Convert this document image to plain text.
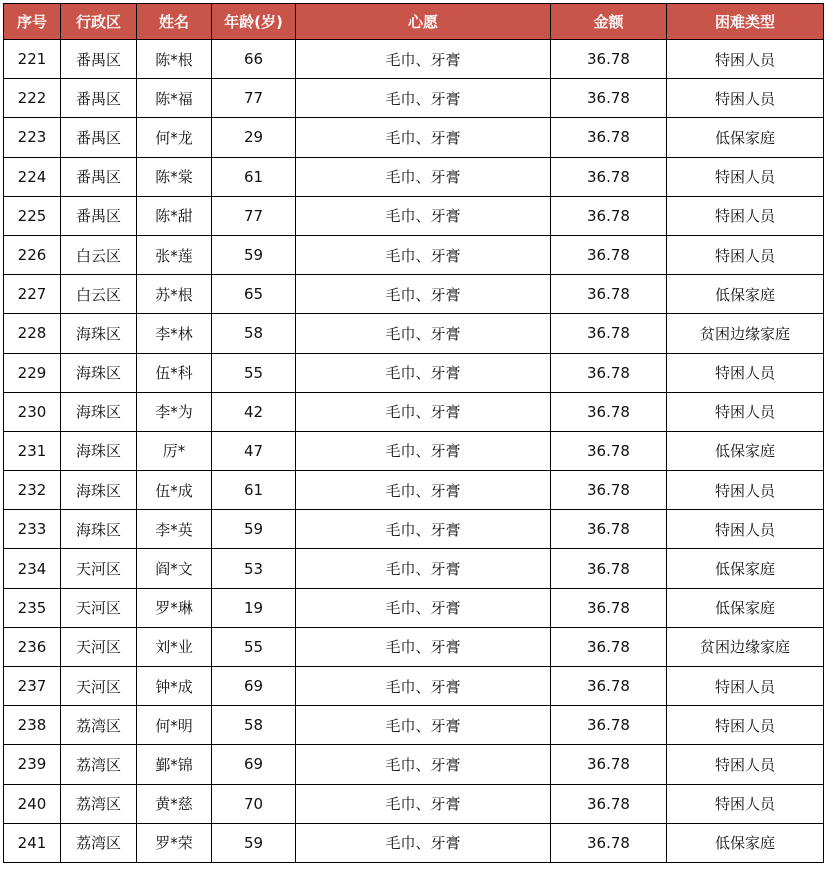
序号	行政区	姓名	年龄(岁)	心愿	金额	困难类型
221	番禺区	陈*根	66	毛巾、牙膏	36.78	特困人员
222	番禺区	陈*福	77	毛巾、牙膏	36.78	特困人员
223	番禺区	何*龙	29	毛巾、牙膏	36.78	低保家庭
224	番禺区	陈*棠	61	毛巾、牙膏	36.78	特困人员
225	番禺区	陈*甜	77	毛巾、牙膏	36.78	特困人员
226	白云区	张*莲	59	毛巾、牙膏	36.78	特困人员
227	白云区	苏*根	65	毛巾、牙膏	36.78	低保家庭
228	海珠区	李*林	58	毛巾、牙膏	36.78	贫困边缘家庭
229	海珠区	伍*科	55	毛巾、牙膏	36.78	特困人员
230	海珠区	李*为	42	毛巾、牙膏	36.78	特困人员
231	海珠区	厉*	47	毛巾、牙膏	36.78	低保家庭
232	海珠区	伍*成	61	毛巾、牙膏	36.78	特困人员
233	海珠区	李*英	59	毛巾、牙膏	36.78	特困人员
234	天河区	阎*文	53	毛巾、牙膏	36.78	低保家庭
235	天河区	罗*琳	19	毛巾、牙膏	36.78	低保家庭
236	天河区	刘*业	55	毛巾、牙膏	36.78	贫困边缘家庭
237	天河区	钟*成	69	毛巾、牙膏	36.78	特困人员
238	荔湾区	何*明	58	毛巾、牙膏	36.78	特困人员
239	荔湾区	鄞*锦	69	毛巾、牙膏	36.78	特困人员
240	荔湾区	黄*慈	70	毛巾、牙膏	36.78	特困人员
241	荔湾区	罗*荣	59	毛巾、牙膏	36.78	低保家庭
